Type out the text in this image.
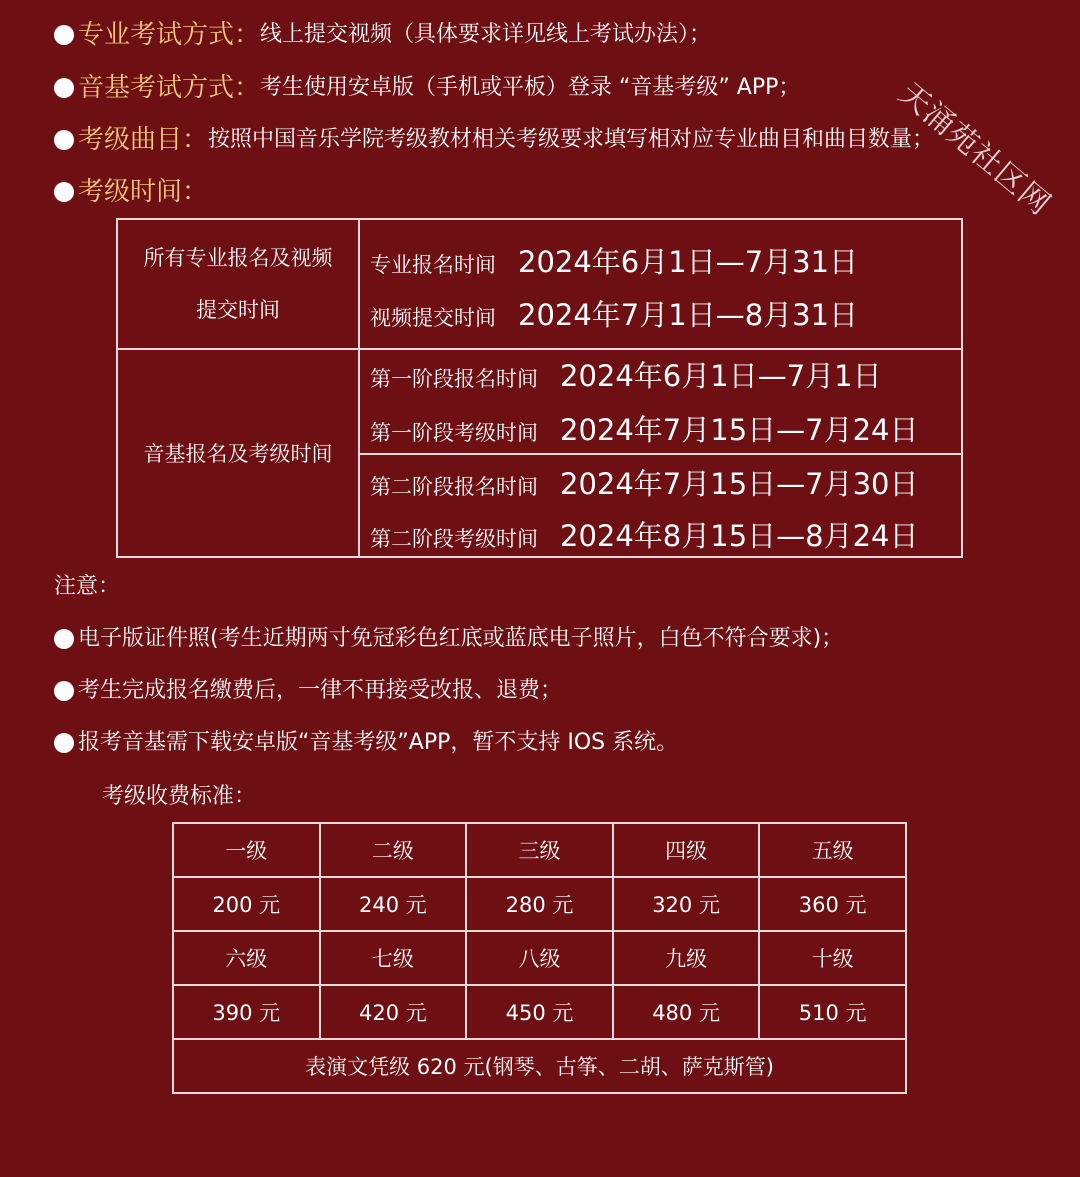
天涌苑社区网
专业考试方式： 线上提交视频（具体要求详见线上考试办法）；
音基考试方式： 考生使用安卓版（手机或平板）登录 “音基考级” APP；
考级曲目： 按照中国音乐学院考级教材相关考级要求填写相对应专业曲目和曲目数量；
考级时间：
所有专业报名及视频
提交时间
专业报名时间 2024年6月1日—7月31日
视频提交时间 2024年7月1日—8月31日
音基报名及考级时间
第一阶段报名时间 2024年6月1日—7月1日
第一阶段考级时间 2024年7月15日—7月24日
第二阶段报名时间 2024年7月15日—7月30日
第二阶段考级时间 2024年8月15日—8月24日
注意：
电子版证件照(考生近期两寸免冠彩色红底或蓝底电子照片，白色不符合要求)；
考生完成报名缴费后，一律不再接受改报、退费；
报考音基需下载安卓版“音基考级”APP，暂不支持 IOS 系统。
考级收费标准：
一级	二级	三级	四级	五级
200 元	240 元	280 元	320 元	360 元
六级	七级	八级	九级	十级
390 元	420 元	450 元	480 元	510 元
表演文凭级 620 元(钢琴、古筝、二胡、萨克斯管)				
